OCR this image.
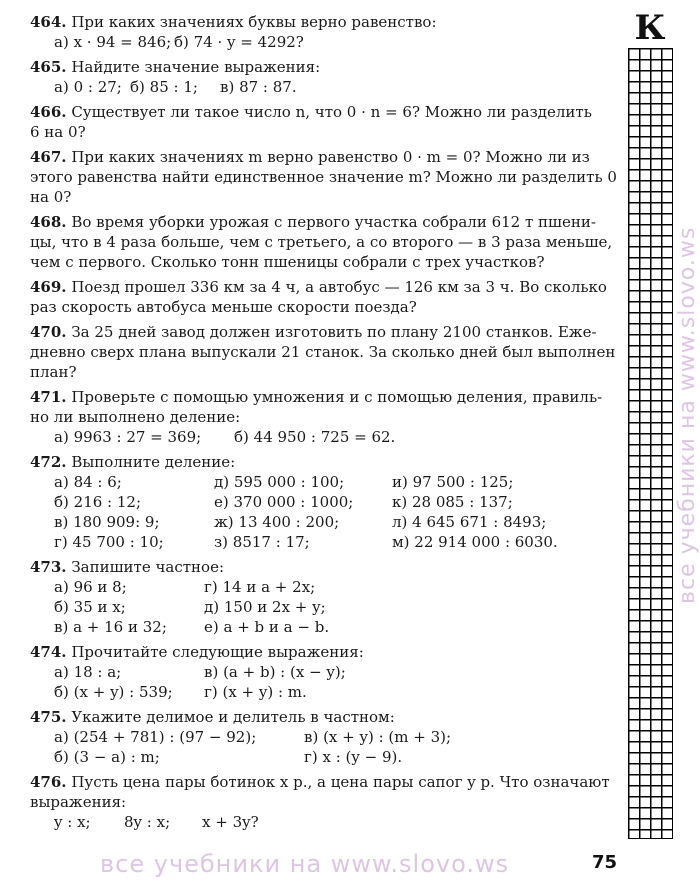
464. При каких значениях буквы верно равенство:

а) x · 94 = 846; б) 74 · y = 4292?

465. Найдите значение выражения:

а) 0 : 27; б) 85 : 1;	в) 87 : 87.

466. Существует ли такое число n, что 0 · n = 6? Можно ли разделить

6 на 0?

467. При каких значениях m верно равенство 0 · m = 0? Можно ли из

этого равенства найти единственное значение m? Можно ли разделить 0

на 0?

468. Во время уборки урожая с первого участка собрали 612 т пшени-

цы, что в 4 раза больше, чем с третьего, а со второго — в 3 раза меньше,

чем с первого. Сколько тонн пшеницы собрали с трех участков?

469. Поезд прошел 336 км за 4 ч, а автобус — 126 км за 3 ч. Во сколько

раз скорость автобуса меньше скорости поезда?

470. За 25 дней завод должен изготовить по плану 2100 станков. Еже-

дневно сверх плана выпускали 21 станок. За сколько дней был выполнен

план?

471. Проверьте с помощью умножения и с помощью деления, правиль-

но ли выполнено деление:

а) 9963 : 27 = 369;	б) 44 950 : 725 = 62.

472. Выполните деление:

а) 84 : 6;	д) 595 000 : 100;	и) 97 500 : 125;
б) 216 : 12;	е) 370 000 : 1000;	к) 28 085 : 137;
в) 180 909: 9;	ж) 13 400 : 200;	л) 4 645 671 : 8493;
г) 45 700 : 10;	з) 8517 : 17;	м) 22 914 000 : 6030.

473. Запишите частное:

а) 96 и 8;	г) 14 и a + 2x;
б) 35 и x;	д) 150 и 2x + y;
в) a + 16 и 32;	е) a + b и a − b.

474. Прочитайте следующие выражения:

а) 18 : a;	в) (a + b) : (x − y);
б) (x + y) : 539;	г) (x + y) : m.

475. Укажите делимое и делитель в частном:

а) (254 + 781) : (97 − 92);	в) (x + y) : (m + 3);
б) (3 − a) : m;	г) x : (y − 9).

476. Пусть цена пары ботинок x р., а цена пары сапог y р. Что означают

выражения:

y : x;	8y : x;	x + 3y?
К
все учебники на www.slovo.ws
все учебники на www.slovo.ws	75
